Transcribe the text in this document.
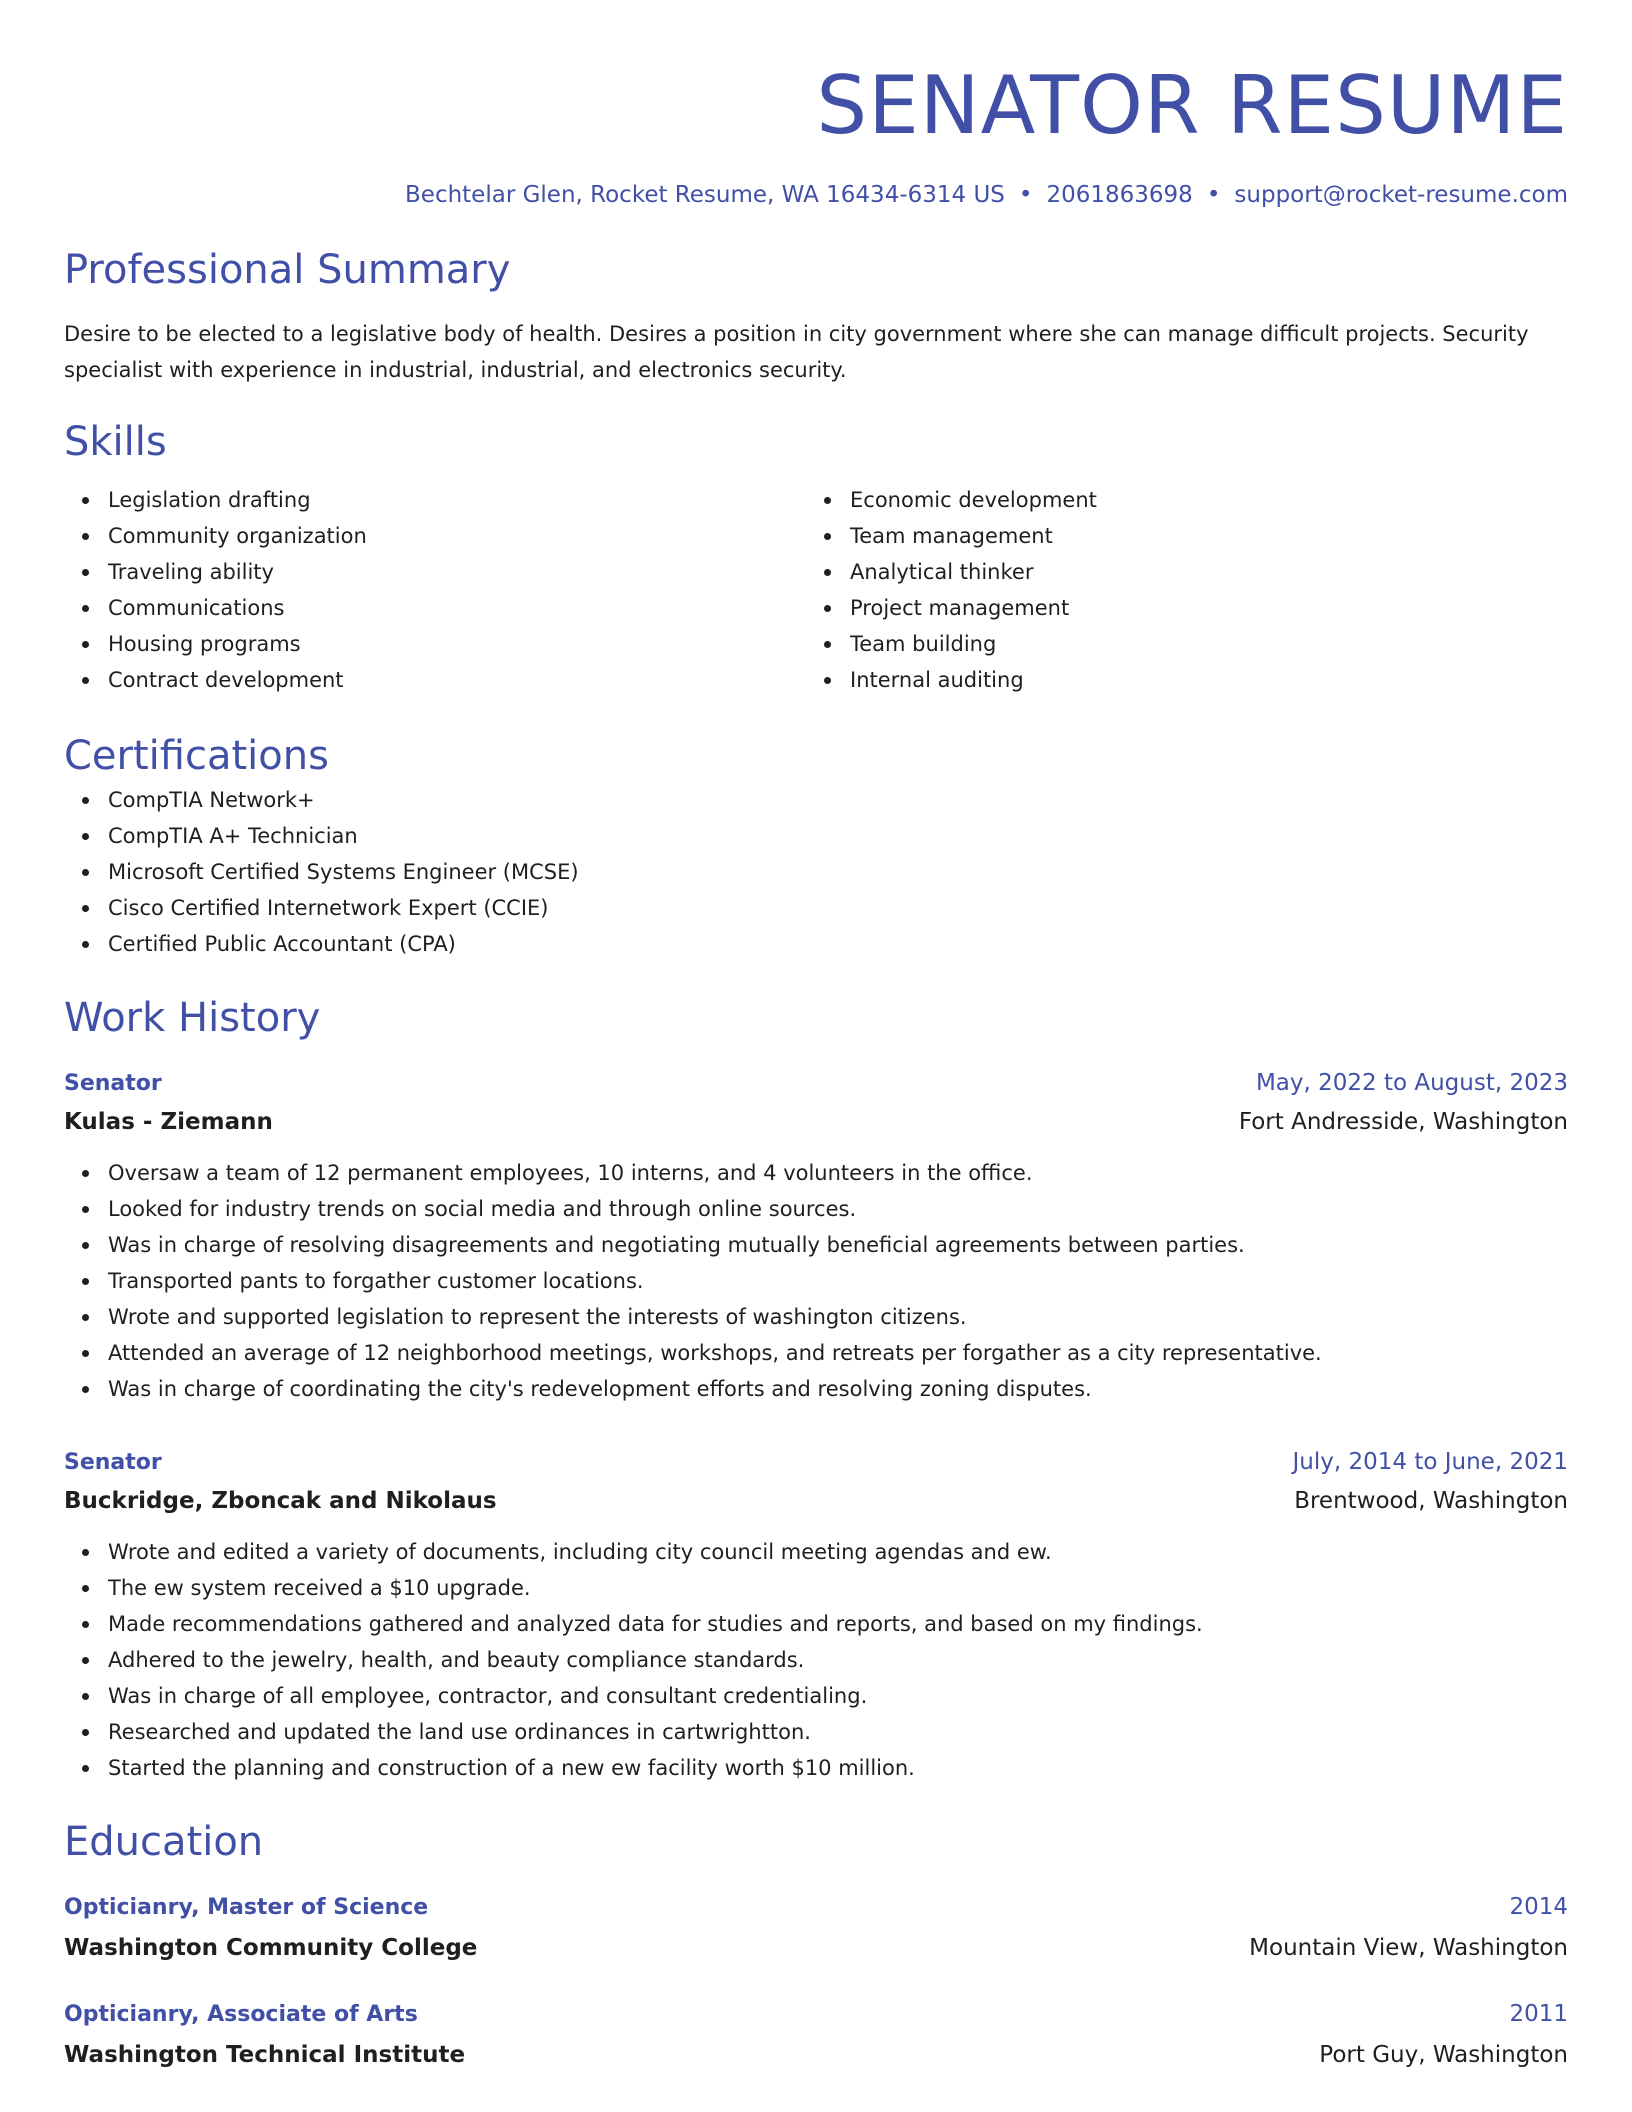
SENATOR RESUME
Bechtelar Glen, Rocket Resume, WA 16434-6314 US • 2061863698 • support@rocket-resume.com
Professional Summary
Desire to be elected to a legislative body of health. Desires a position in city government where she can manage difficult projects. Security specialist with experience in industrial, industrial, and electronics security.
Skills
Legislation drafting
Community organization
Traveling ability
Communications
Housing programs
Contract development
Economic development
Team management
Analytical thinker
Project management
Team building
Internal auditing
Certifications
CompTIA Network+
CompTIA A+ Technician
Microsoft Certified Systems Engineer (MCSE)
Cisco Certified Internetwork Expert (CCIE)
Certified Public Accountant (CPA)
Work History
Senator	May, 2022 to August, 2023
Kulas - Ziemann	Fort Andresside, Washington
Oversaw a team of 12 permanent employees, 10 interns, and 4 volunteers in the office.
Looked for industry trends on social media and through online sources.
Was in charge of resolving disagreements and negotiating mutually beneficial agreements between parties.
Transported pants to forgather customer locations.
Wrote and supported legislation to represent the interests of washington citizens.
Attended an average of 12 neighborhood meetings, workshops, and retreats per forgather as a city representative.
Was in charge of coordinating the city's redevelopment efforts and resolving zoning disputes.
Senator	July, 2014 to June, 2021
Buckridge, Zboncak and Nikolaus	Brentwood, Washington
Wrote and edited a variety of documents, including city council meeting agendas and ew.
The ew system received a $10 upgrade.
Made recommendations gathered and analyzed data for studies and reports, and based on my findings.
Adhered to the jewelry, health, and beauty compliance standards.
Was in charge of all employee, contractor, and consultant credentialing.
Researched and updated the land use ordinances in cartwrightton.
Started the planning and construction of a new ew facility worth $10 million.
Education
Opticianry, Master of Science	2014
Washington Community College	Mountain View, Washington
Opticianry, Associate of Arts	2011
Washington Technical Institute	Port Guy, Washington
